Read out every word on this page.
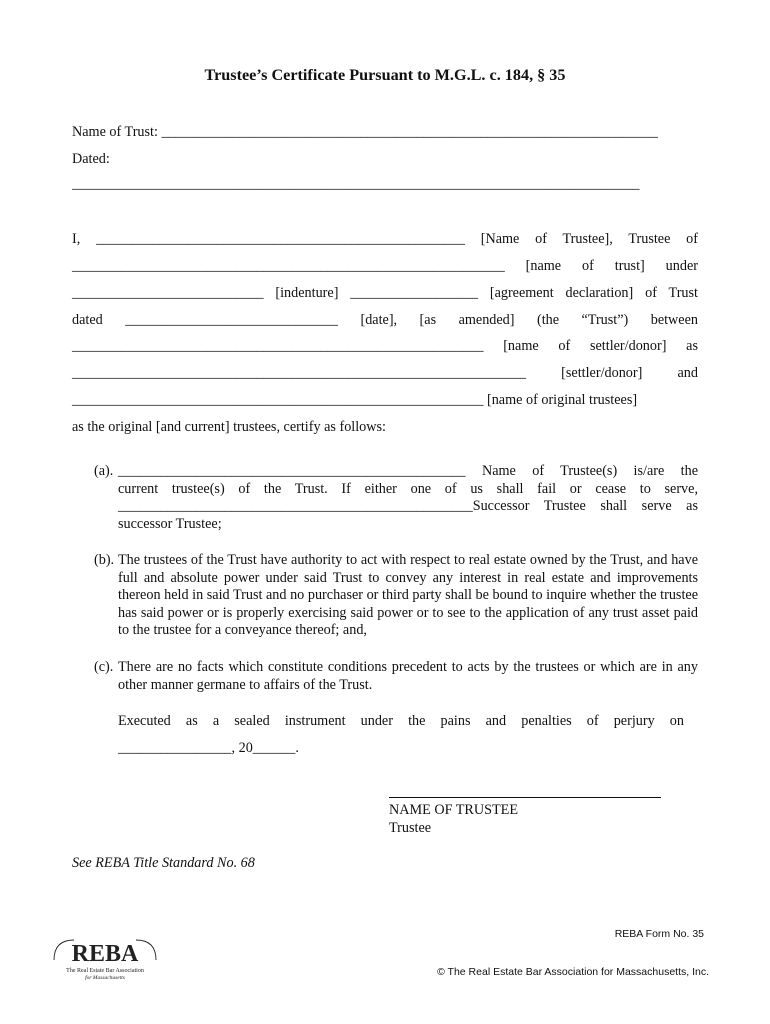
Trustee’s Certificate Pursuant to M.G.L. c. 184, § 35
Name of Trust: ______________________________________________________________________
Dated:
________________________________________________________________________________
I, ____________________________________________________ [Name of Trustee], Trustee of
_____________________________________________________________ [name of trust] under
___________________________ [indenture] __________________ [agreement declaration] of Trust
dated ______________________________ [date], [as amended] (the “Trust”) between
__________________________________________________________ [name of settler/donor] as
________________________________________________________________ [settler/donor] and
__________________________________________________________ [name of original trustees]
as the original [and current] trustees, certify as follows:
(a). _________________________________________________ Name of Trustee(s) is/are the
current trustee(s) of the Trust. If either one of us shall fail or cease to serve,
__________________________________________________Successor Trustee shall serve as
successor Trustee;
(b). The trustees of the Trust have authority to act with respect to real estate owned by the Trust, and have full and absolute power under said Trust to convey any interest in real estate and improvements thereon held in said Trust and no purchaser or third party shall be bound to inquire whether the trustee has said power or is properly exercising said power or to see to the application of any trust asset paid to the trustee for a conveyance thereof; and,
(c). There are no facts which constitute conditions precedent to acts by the trustees or which are in any other manner germane to affairs of the Trust.
Executed as a sealed instrument under the pains and penalties of perjury on
________________, 20______.
NAME OF TRUSTEE
Trustee
See REBA Title Standard No. 68
REBA Form No. 35
© The Real Estate Bar Association for Massachusetts, Inc.
REBA
The Real Estate Bar Association
for Massachusetts
